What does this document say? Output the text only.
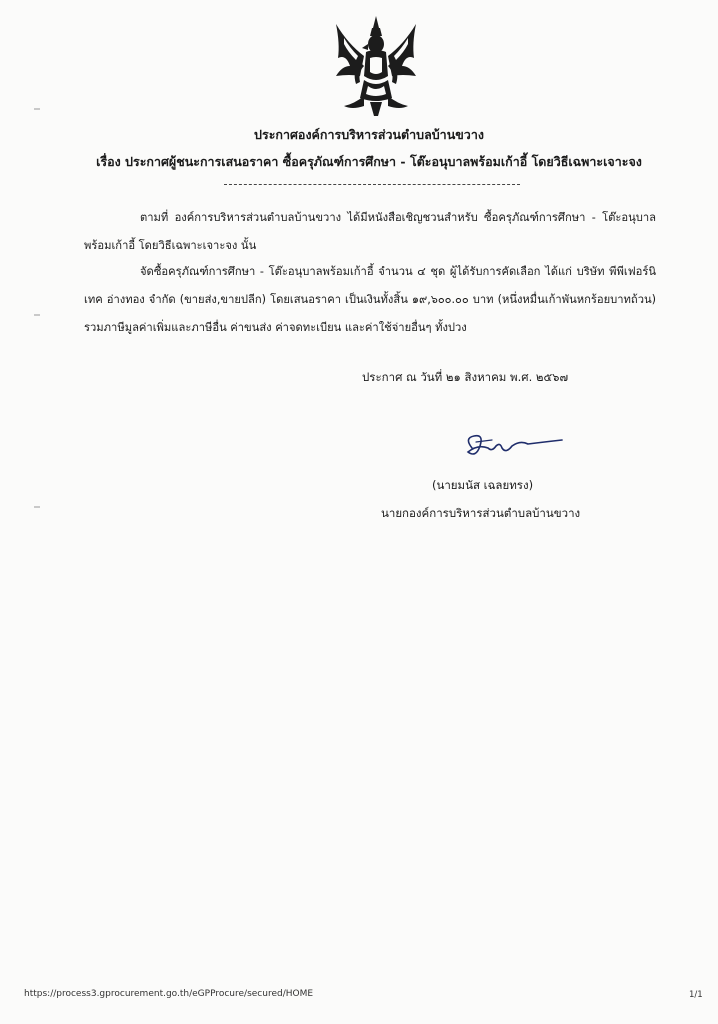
ประกาศองค์การบริหารส่วนตำบลบ้านขวาง
เรื่อง ประกาศผู้ชนะการเสนอราคา ซื้อครุภัณฑ์การศึกษา - โต๊ะอนุบาลพร้อมเก้าอี้ โดยวิธีเฉพาะเจาะจง
ตามที่ องค์การบริหารส่วนตำบลบ้านขวาง ได้มีหนังสือเชิญชวนสำหรับ ซื้อครุภัณฑ์การศึกษา - โต๊ะอนุบาลพร้อมเก้าอี้ โดยวิธีเฉพาะเจาะจง นั้น
จัดซื้อครุภัณฑ์การศึกษา - โต๊ะอนุบาลพร้อมเก้าอี้ จำนวน ๔ ชุด ผู้ได้รับการคัดเลือก ได้แก่ บริษัท พีพีเฟอร์นิเทค อ่างทอง จำกัด (ขายส่ง,ขายปลีก) โดยเสนอราคา เป็นเงินทั้งสิ้น ๑๙,๖๐๐.๐๐ บาท (หนึ่งหมื่นเก้าพันหกร้อยบาทถ้วน) รวมภาษีมูลค่าเพิ่มและภาษีอื่น ค่าขนส่ง ค่าจดทะเบียน และค่าใช้จ่ายอื่นๆ ทั้งปวง
ประกาศ ณ วันที่ ๒๑ สิงหาคม พ.ศ. ๒๕๖๗
(นายมนัส เฉลยทรง)
นายกองค์การบริหารส่วนตำบลบ้านขวาง
https://process3.gprocurement.go.th/eGPProcure/secured/HOME	1/1
